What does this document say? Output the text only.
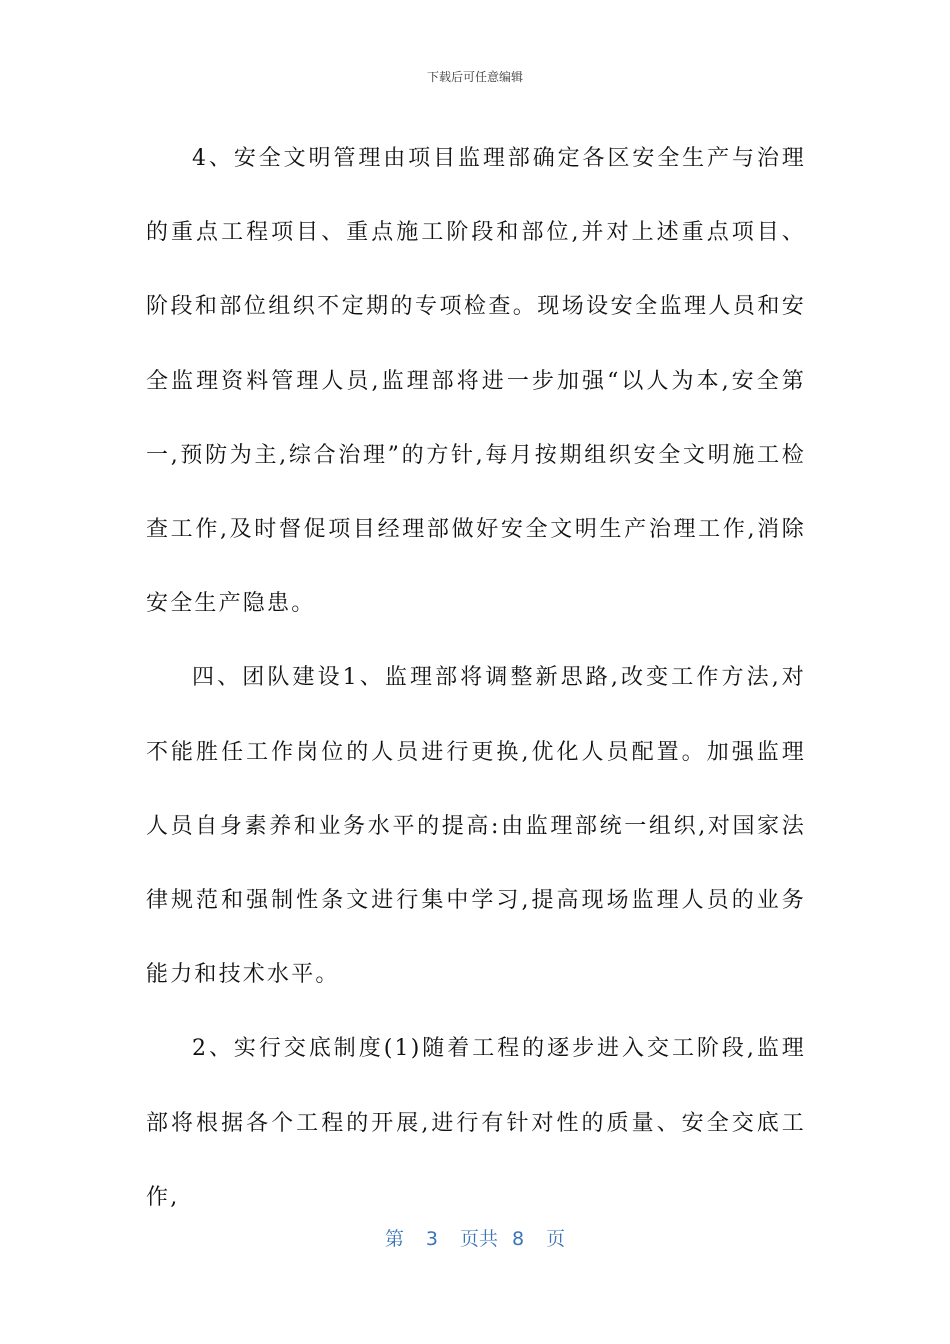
下载后可任意编辑

4、安全文明管理由项目监理部确定各区安全生产与治理的重点工程项目、重点施工阶段和部位,并对上述重点项目、阶段和部位组织不定期的专项检查。现场设安全监理人员和安全监理资料管理人员,监理部将进一步加强“以人为本,安全第一,预防为主,综合治理”的方针,每月按期组织安全文明施工检查工作,及时督促项目经理部做好安全文明生产治理工作,消除安全生产隐患。

四、团队建设1、监理部将调整新思路,改变工作方法,对不能胜任工作岗位的人员进行更换,优化人员配置。加强监理人员自身素养和业务水平的提高:由监理部统一组织,对国家法律规范和强制性条文进行集中学习,提高现场监理人员的业务能力和技术水平。

2、实行交底制度(1)随着工程的逐步进入交工阶段,监理部将根据各个工程的开展,进行有针对性的质量、安全交底工作,

第 3 页共 8 页
